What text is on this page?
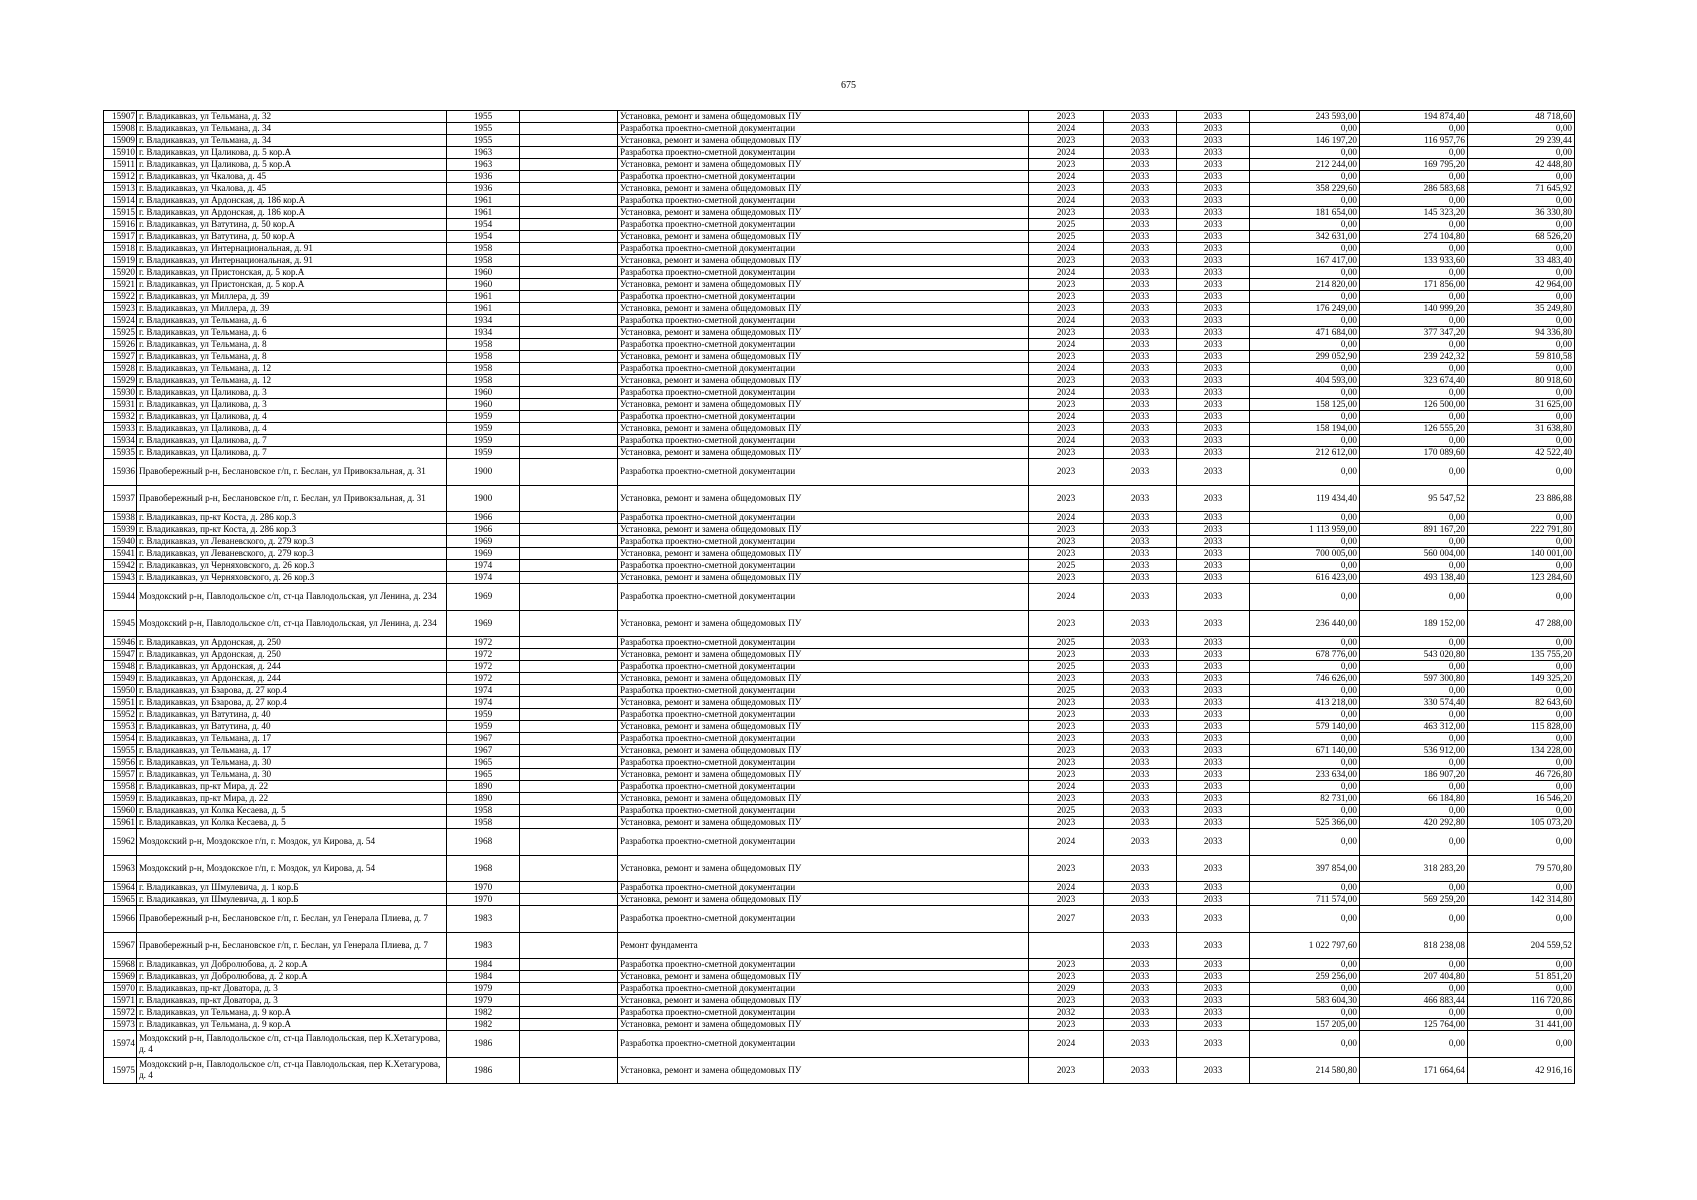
675
15907	г. Владикавказ, ул Тельмана, д. 32	1955		Установка, ремонт и замена общедомовых ПУ	2023	2033	2033	243 593,00	194 874,40	48 718,60
15908	г. Владикавказ, ул Тельмана, д. 34	1955		Разработка проектно-сметной документации	2024	2033	2033	0,00	0,00	0,00
15909	г. Владикавказ, ул Тельмана, д. 34	1955		Установка, ремонт и замена общедомовых ПУ	2023	2033	2033	146 197,20	116 957,76	29 239,44
15910	г. Владикавказ, ул Цаликова, д. 5 кор.А	1963		Разработка проектно-сметной документации	2024	2033	2033	0,00	0,00	0,00
15911	г. Владикавказ, ул Цаликова, д. 5 кор.А	1963		Установка, ремонт и замена общедомовых ПУ	2023	2033	2033	212 244,00	169 795,20	42 448,80
15912	г. Владикавказ, ул Чкалова, д. 45	1936		Разработка проектно-сметной документации	2024	2033	2033	0,00	0,00	0,00
15913	г. Владикавказ, ул Чкалова, д. 45	1936		Установка, ремонт и замена общедомовых ПУ	2023	2033	2033	358 229,60	286 583,68	71 645,92
15914	г. Владикавказ, ул Ардонская, д. 186 кор.А	1961		Разработка проектно-сметной документации	2024	2033	2033	0,00	0,00	0,00
15915	г. Владикавказ, ул Ардонская, д. 186 кор.А	1961		Установка, ремонт и замена общедомовых ПУ	2023	2033	2033	181 654,00	145 323,20	36 330,80
15916	г. Владикавказ, ул Ватутина, д. 50 кор.А	1954		Разработка проектно-сметной документации	2025	2033	2033	0,00	0,00	0,00
15917	г. Владикавказ, ул Ватутина, д. 50 кор.А	1954		Установка, ремонт и замена общедомовых ПУ	2025	2033	2033	342 631,00	274 104,80	68 526,20
15918	г. Владикавказ, ул Интернациональная, д. 91	1958		Разработка проектно-сметной документации	2024	2033	2033	0,00	0,00	0,00
15919	г. Владикавказ, ул Интернациональная, д. 91	1958		Установка, ремонт и замена общедомовых ПУ	2023	2033	2033	167 417,00	133 933,60	33 483,40
15920	г. Владикавказ, ул Пристонская, д. 5 кор.А	1960		Разработка проектно-сметной документации	2024	2033	2033	0,00	0,00	0,00
15921	г. Владикавказ, ул Пристонская, д. 5 кор.А	1960		Установка, ремонт и замена общедомовых ПУ	2023	2033	2033	214 820,00	171 856,00	42 964,00
15922	г. Владикавказ, ул Миллера, д. 39	1961		Разработка проектно-сметной документации	2023	2033	2033	0,00	0,00	0,00
15923	г. Владикавказ, ул Миллера, д. 39	1961		Установка, ремонт и замена общедомовых ПУ	2023	2033	2033	176 249,00	140 999,20	35 249,80
15924	г. Владикавказ, ул Тельмана, д. 6	1934		Разработка проектно-сметной документации	2024	2033	2033	0,00	0,00	0,00
15925	г. Владикавказ, ул Тельмана, д. 6	1934		Установка, ремонт и замена общедомовых ПУ	2023	2033	2033	471 684,00	377 347,20	94 336,80
15926	г. Владикавказ, ул Тельмана, д. 8	1958		Разработка проектно-сметной документации	2024	2033	2033	0,00	0,00	0,00
15927	г. Владикавказ, ул Тельмана, д. 8	1958		Установка, ремонт и замена общедомовых ПУ	2023	2033	2033	299 052,90	239 242,32	59 810,58
15928	г. Владикавказ, ул Тельмана, д. 12	1958		Разработка проектно-сметной документации	2024	2033	2033	0,00	0,00	0,00
15929	г. Владикавказ, ул Тельмана, д. 12	1958		Установка, ремонт и замена общедомовых ПУ	2023	2033	2033	404 593,00	323 674,40	80 918,60
15930	г. Владикавказ, ул Цаликова, д. 3	1960		Разработка проектно-сметной документации	2024	2033	2033	0,00	0,00	0,00
15931	г. Владикавказ, ул Цаликова, д. 3	1960		Установка, ремонт и замена общедомовых ПУ	2023	2033	2033	158 125,00	126 500,00	31 625,00
15932	г. Владикавказ, ул Цаликова, д. 4	1959		Разработка проектно-сметной документации	2024	2033	2033	0,00	0,00	0,00
15933	г. Владикавказ, ул Цаликова, д. 4	1959		Установка, ремонт и замена общедомовых ПУ	2023	2033	2033	158 194,00	126 555,20	31 638,80
15934	г. Владикавказ, ул Цаликова, д. 7	1959		Разработка проектно-сметной документации	2024	2033	2033	0,00	0,00	0,00
15935	г. Владикавказ, ул Цаликова, д. 7	1959		Установка, ремонт и замена общедомовых ПУ	2023	2033	2033	212 612,00	170 089,60	42 522,40
15936	Правобережный р-н, Беслановское г/п, г. Беслан, ул Привокзальная, д. 31	1900		Разработка проектно-сметной документации	2023	2033	2033	0,00	0,00	0,00
15937	Правобережный р-н, Беслановское г/п, г. Беслан, ул Привокзальная, д. 31	1900		Установка, ремонт и замена общедомовых ПУ	2023	2033	2033	119 434,40	95 547,52	23 886,88
15938	г. Владикавказ, пр-кт Коста, д. 286 кор.3	1966		Разработка проектно-сметной документации	2024	2033	2033	0,00	0,00	0,00
15939	г. Владикавказ, пр-кт Коста, д. 286 кор.3	1966		Установка, ремонт и замена общедомовых ПУ	2023	2033	2033	1 113 959,00	891 167,20	222 791,80
15940	г. Владикавказ, ул Леваневского, д. 279 кор.3	1969		Разработка проектно-сметной документации	2023	2033	2033	0,00	0,00	0,00
15941	г. Владикавказ, ул Леваневского, д. 279 кор.3	1969		Установка, ремонт и замена общедомовых ПУ	2023	2033	2033	700 005,00	560 004,00	140 001,00
15942	г. Владикавказ, ул Черняховского, д. 26 кор.3	1974		Разработка проектно-сметной документации	2025	2033	2033	0,00	0,00	0,00
15943	г. Владикавказ, ул Черняховского, д. 26 кор.3	1974		Установка, ремонт и замена общедомовых ПУ	2023	2033	2033	616 423,00	493 138,40	123 284,60
15944	Моздокский р-н, Павлодольское с/п, ст-ца Павлодольская, ул Ленина, д. 234	1969		Разработка проектно-сметной документации	2024	2033	2033	0,00	0,00	0,00
15945	Моздокский р-н, Павлодольское с/п, ст-ца Павлодольская, ул Ленина, д. 234	1969		Установка, ремонт и замена общедомовых ПУ	2023	2033	2033	236 440,00	189 152,00	47 288,00
15946	г. Владикавказ, ул Ардонская, д. 250	1972		Разработка проектно-сметной документации	2025	2033	2033	0,00	0,00	0,00
15947	г. Владикавказ, ул Ардонская, д. 250	1972		Установка, ремонт и замена общедомовых ПУ	2023	2033	2033	678 776,00	543 020,80	135 755,20
15948	г. Владикавказ, ул Ардонская, д. 244	1972		Разработка проектно-сметной документации	2025	2033	2033	0,00	0,00	0,00
15949	г. Владикавказ, ул Ардонская, д. 244	1972		Установка, ремонт и замена общедомовых ПУ	2023	2033	2033	746 626,00	597 300,80	149 325,20
15950	г. Владикавказ, ул Бзарова, д. 27 кор.4	1974		Разработка проектно-сметной документации	2025	2033	2033	0,00	0,00	0,00
15951	г. Владикавказ, ул Бзарова, д. 27 кор.4	1974		Установка, ремонт и замена общедомовых ПУ	2023	2033	2033	413 218,00	330 574,40	82 643,60
15952	г. Владикавказ, ул Ватутина, д. 40	1959		Разработка проектно-сметной документации	2023	2033	2033	0,00	0,00	0,00
15953	г. Владикавказ, ул Ватутина, д. 40	1959		Установка, ремонт и замена общедомовых ПУ	2023	2033	2033	579 140,00	463 312,00	115 828,00
15954	г. Владикавказ, ул Тельмана, д. 17	1967		Разработка проектно-сметной документации	2023	2033	2033	0,00	0,00	0,00
15955	г. Владикавказ, ул Тельмана, д. 17	1967		Установка, ремонт и замена общедомовых ПУ	2023	2033	2033	671 140,00	536 912,00	134 228,00
15956	г. Владикавказ, ул Тельмана, д. 30	1965		Разработка проектно-сметной документации	2023	2033	2033	0,00	0,00	0,00
15957	г. Владикавказ, ул Тельмана, д. 30	1965		Установка, ремонт и замена общедомовых ПУ	2023	2033	2033	233 634,00	186 907,20	46 726,80
15958	г. Владикавказ, пр-кт Мира, д. 22	1890		Разработка проектно-сметной документации	2024	2033	2033	0,00	0,00	0,00
15959	г. Владикавказ, пр-кт Мира, д. 22	1890		Установка, ремонт и замена общедомовых ПУ	2023	2033	2033	82 731,00	66 184,80	16 546,20
15960	г. Владикавказ, ул Колка Кесаева, д. 5	1958		Разработка проектно-сметной документации	2025	2033	2033	0,00	0,00	0,00
15961	г. Владикавказ, ул Колка Кесаева, д. 5	1958		Установка, ремонт и замена общедомовых ПУ	2023	2033	2033	525 366,00	420 292,80	105 073,20
15962	Моздокский р-н, Моздокское г/п, г. Моздок, ул Кирова, д. 54	1968		Разработка проектно-сметной документации	2024	2033	2033	0,00	0,00	0,00
15963	Моздокский р-н, Моздокское г/п, г. Моздок, ул Кирова, д. 54	1968		Установка, ремонт и замена общедомовых ПУ	2023	2033	2033	397 854,00	318 283,20	79 570,80
15964	г. Владикавказ, ул Шмулевича, д. 1 кор.Б	1970		Разработка проектно-сметной документации	2024	2033	2033	0,00	0,00	0,00
15965	г. Владикавказ, ул Шмулевича, д. 1 кор.Б	1970		Установка, ремонт и замена общедомовых ПУ	2023	2033	2033	711 574,00	569 259,20	142 314,80
15966	Правобережный р-н, Беслановское г/п, г. Беслан, ул Генерала Плиева, д. 7	1983		Разработка проектно-сметной документации	2027	2033	2033	0,00	0,00	0,00
15967	Правобережный р-н, Беслановское г/п, г. Беслан, ул Генерала Плиева, д. 7	1983		Ремонт фундамента		2033	2033	1 022 797,60	818 238,08	204 559,52
15968	г. Владикавказ, ул Добролюбова, д. 2 кор.А	1984		Разработка проектно-сметной документации	2023	2033	2033	0,00	0,00	0,00
15969	г. Владикавказ, ул Добролюбова, д. 2 кор.А	1984		Установка, ремонт и замена общедомовых ПУ	2023	2033	2033	259 256,00	207 404,80	51 851,20
15970	г. Владикавказ, пр-кт Доватора, д. 3	1979		Разработка проектно-сметной документации	2029	2033	2033	0,00	0,00	0,00
15971	г. Владикавказ, пр-кт Доватора, д. 3	1979		Установка, ремонт и замена общедомовых ПУ	2023	2033	2033	583 604,30	466 883,44	116 720,86
15972	г. Владикавказ, ул Тельмана, д. 9 кор.А	1982		Разработка проектно-сметной документации	2032	2033	2033	0,00	0,00	0,00
15973	г. Владикавказ, ул Тельмана, д. 9 кор.А	1982		Установка, ремонт и замена общедомовых ПУ	2023	2033	2033	157 205,00	125 764,00	31 441,00
15974	Моздокский р-н, Павлодольское с/п, ст-ца Павлодольская, пер К.Хетагурова, д. 4	1986		Разработка проектно-сметной документации	2024	2033	2033	0,00	0,00	0,00
15975	Моздокский р-н, Павлодольское с/п, ст-ца Павлодольская, пер К.Хетагурова, д. 4	1986		Установка, ремонт и замена общедомовых ПУ	2023	2033	2033	214 580,80	171 664,64	42 916,16
